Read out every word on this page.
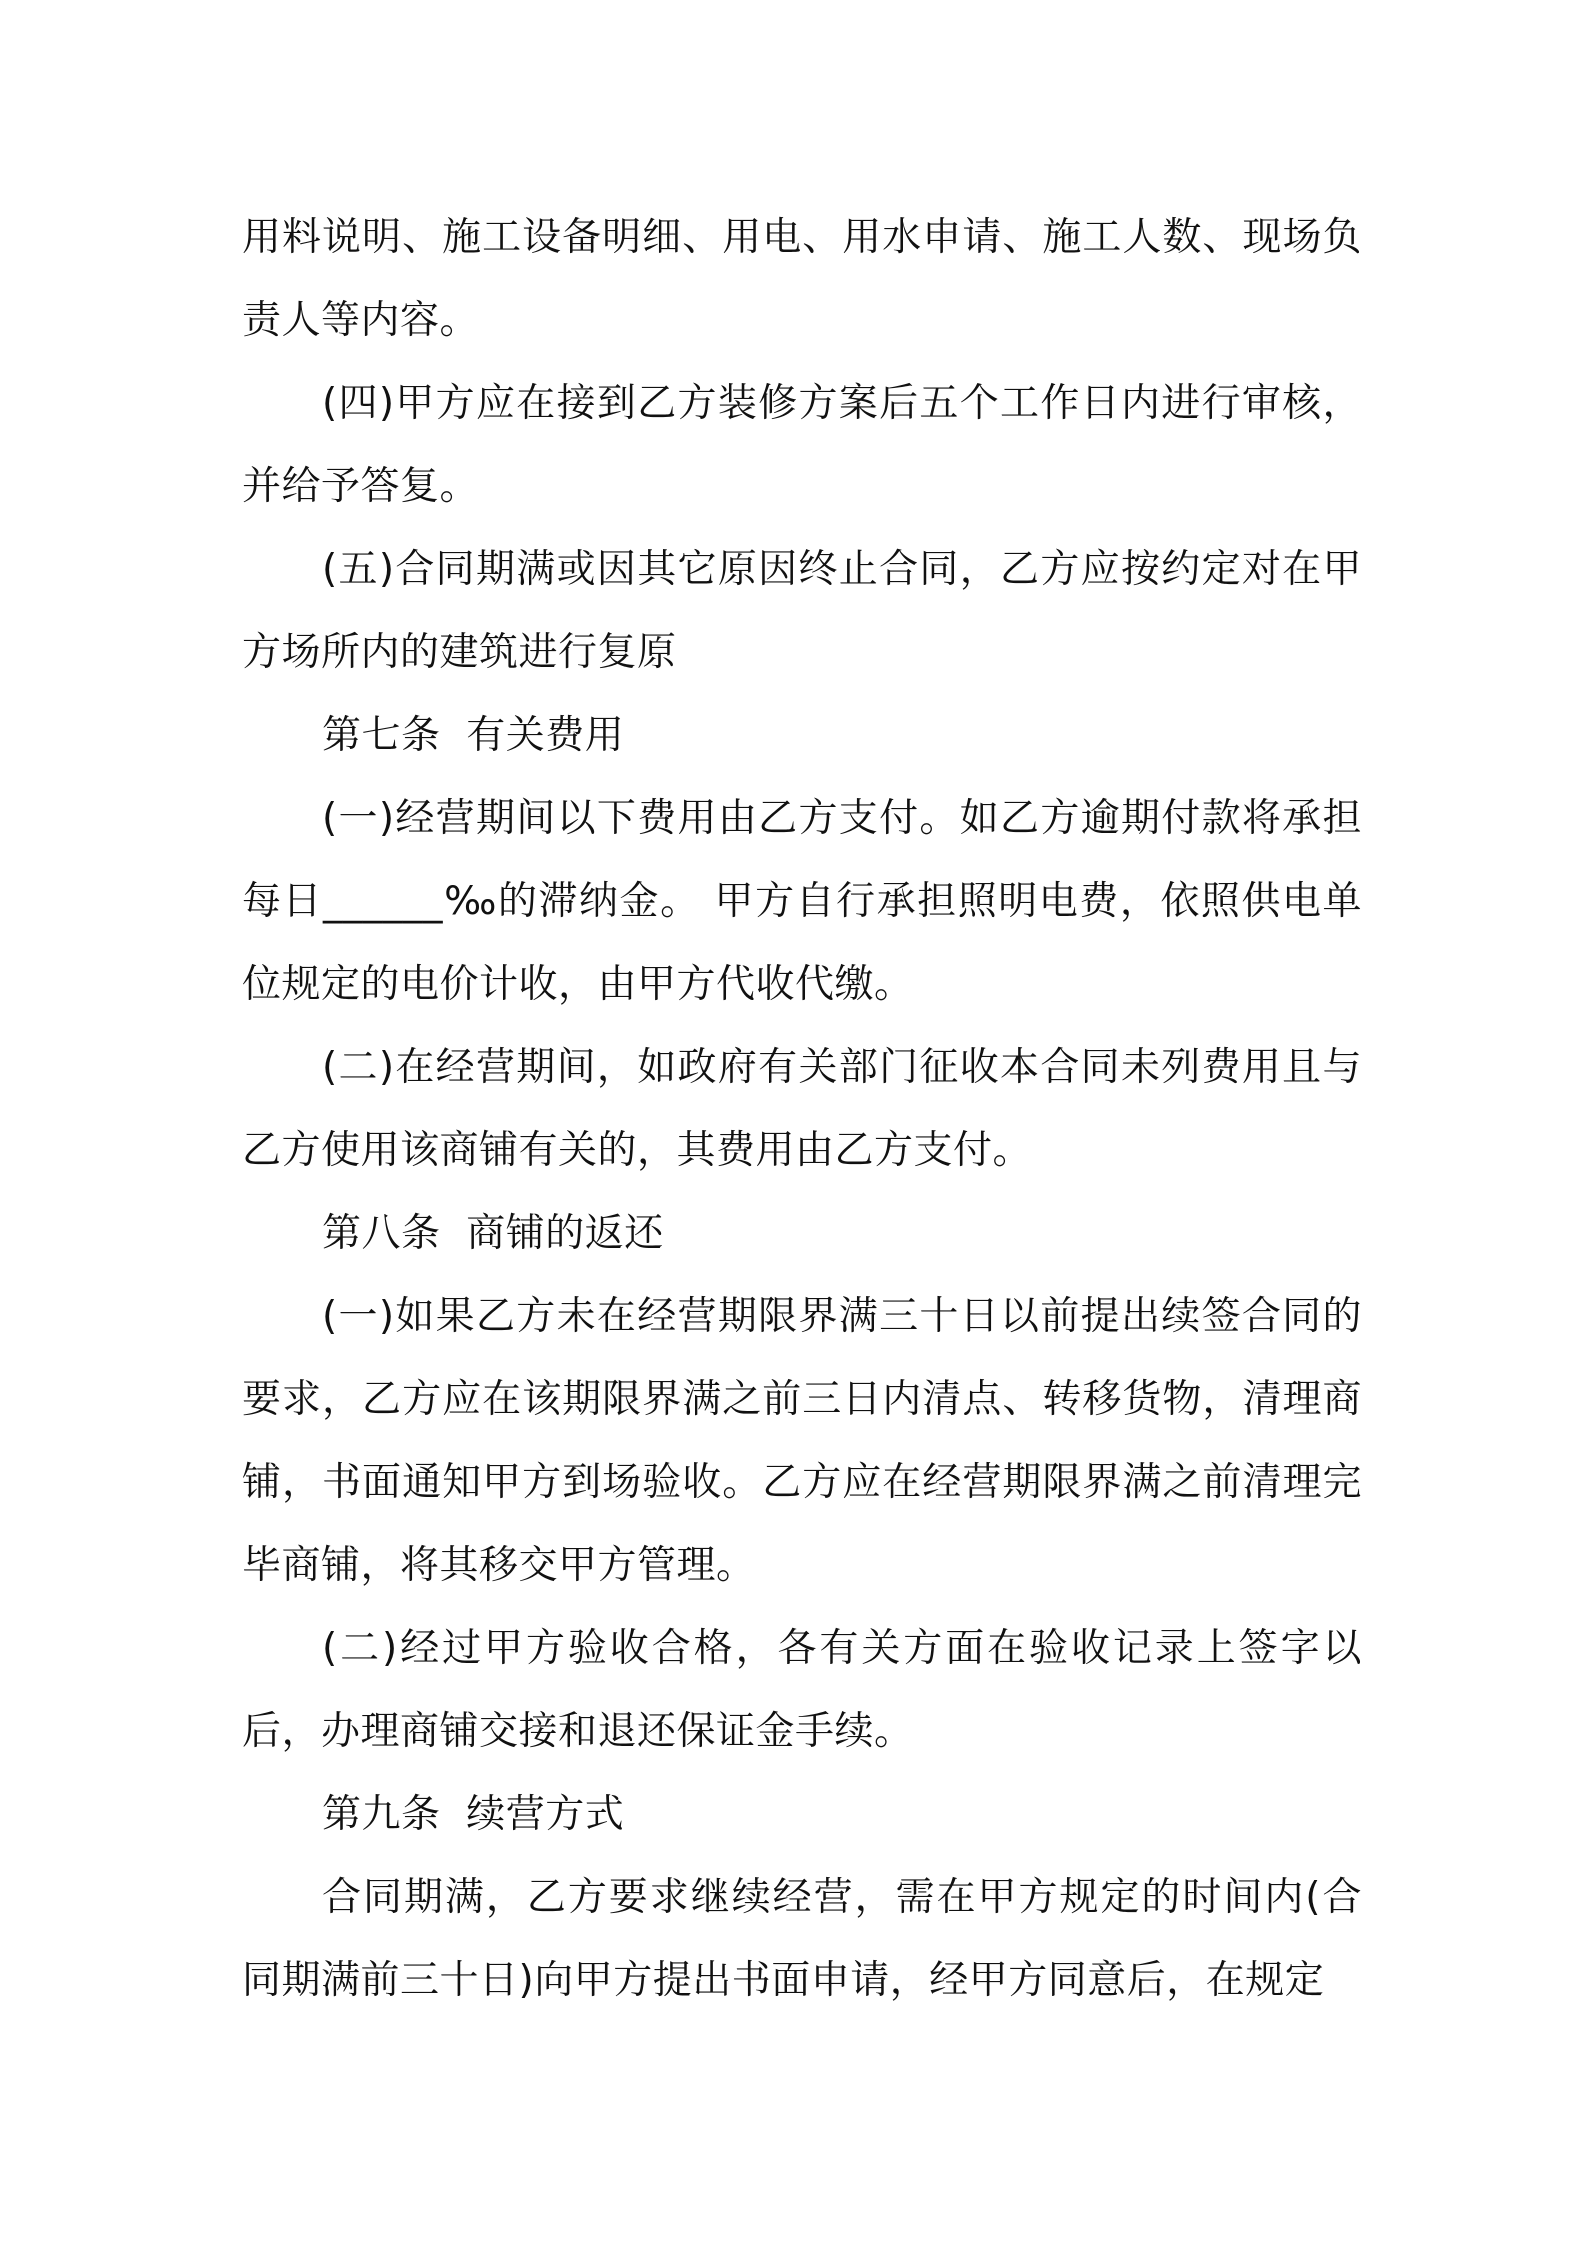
用料说明、施工设备明细、用电、用水申请、施工人数、现场负责人等内容。

(四)甲方应在接到乙方装修方案后五个工作日内进行审核，并给予答复。

(五)合同期满或因其它原因终止合同，乙方应按约定对在甲方场所内的建筑进行复原

第七条  有关费用

(一)经营期间以下费用由乙方支付。如乙方逾期付款将承担每日______‰的滞纳金。 甲方自行承担照明电费，依照供电单位规定的电价计收，由甲方代收代缴。

(二)在经营期间，如政府有关部门征收本合同未列费用且与乙方使用该商铺有关的，其费用由乙方支付。

第八条  商铺的返还

(一)如果乙方未在经营期限界满三十日以前提出续签合同的要求，乙方应在该期限界满之前三日内清点、转移货物，清理商铺，书面通知甲方到场验收。乙方应在经营期限界满之前清理完毕商铺，将其移交甲方管理。

(二)经过甲方验收合格，各有关方面在验收记录上签字以后，办理商铺交接和退还保证金手续。

第九条  续营方式

合同期满，乙方要求继续经营，需在甲方规定的时间内(合同期满前三十日)向甲方提出书面申请，经甲方同意后，在规定
